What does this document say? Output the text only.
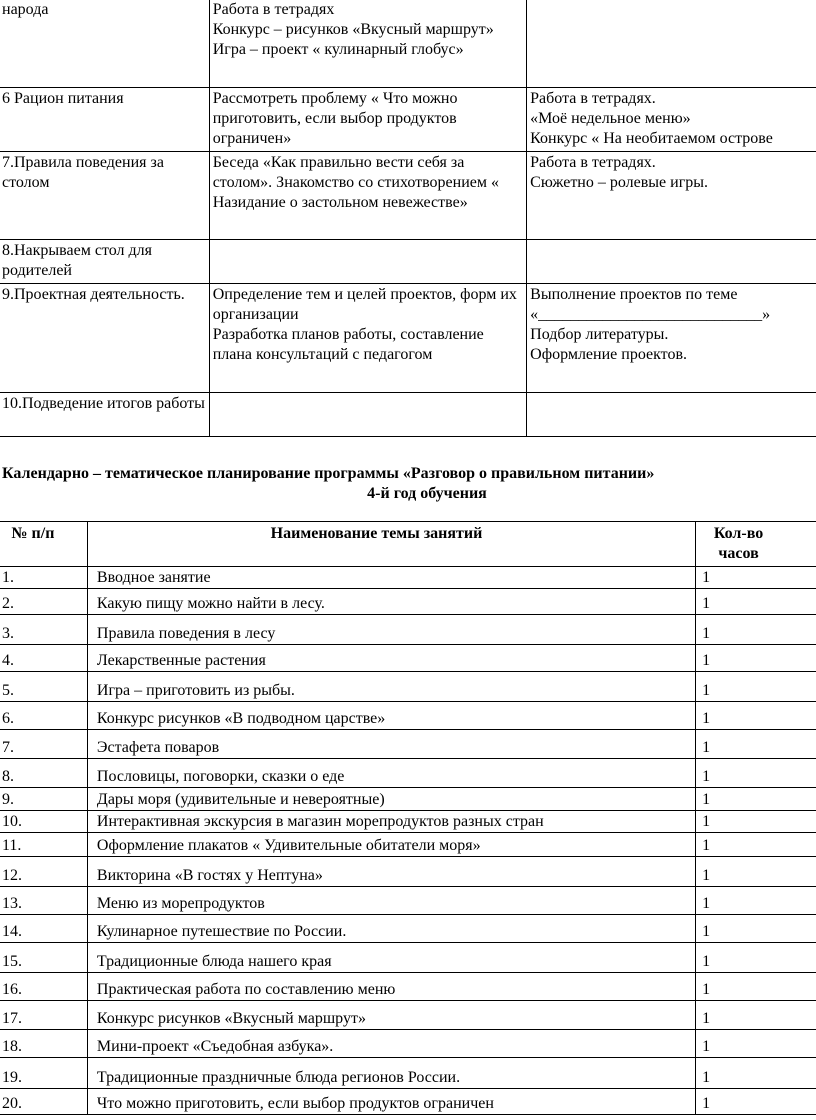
народа	Работа в тетрадях
Конкурс – рисунков «Вкусный маршрут»
Игра – проект « кулинарный глобус»	
6 Рацион питания	Рассмотреть проблему « Что можно приготовить, если выбор продуктов ограничен»	Работа в тетрадях.
«Моё недельное меню»
Конкурс « На необитаемом острове
7.Правила поведения за столом	Беседа «Как правильно вести себя за столом». Знакомство со стихотворением « Назидание о застольном невежестве»	Работа в тетрадях.
Сюжетно – ролевые игры.
8.Накрываем стол для родителей		
9.Проектная деятельность.	Определение тем и целей проектов, форм их организации
Разработка планов работы, составление плана консультаций с педагогом	Выполнение проектов по теме
«____________________________»
Подбор литературы.
Оформление проектов.
10.Подведение итогов работы		
Календарно – тематическое планирование программы «Разговор о правильном питании»
4-й год обучения
№ п/п	Наименование темы занятий	Кол-во часов
1.	Вводное занятие	1
2.	Какую пищу можно найти в лесу.	1
3.	Правила поведения в лесу	1
4.	Лекарственные растения	1
5.	Игра – приготовить из рыбы.	1
6.	Конкурс рисунков «В подводном царстве»	1
7.	Эстафета поваров	1
8.	Пословицы, поговорки, сказки о еде	1
9.	Дары моря (удивительные и невероятные)	1
10.	Интерактивная экскурсия в магазин морепродуктов разных стран	1
11.	Оформление плакатов « Удивительные обитатели моря»	1
12.	Викторина «В гостях у Нептуна»	1
13.	Меню из морепродуктов	1
14.	Кулинарное путешествие по России.	1
15.	Традиционные блюда нашего края	1
16.	Практическая работа по составлению меню	1
17.	Конкурс рисунков «Вкусный маршрут»	1
18.	Мини-проект «Съедобная азбука».	1
19.	Традиционные праздничные блюда регионов России.	1
20.	Что можно приготовить, если выбор продуктов ограничен	1
